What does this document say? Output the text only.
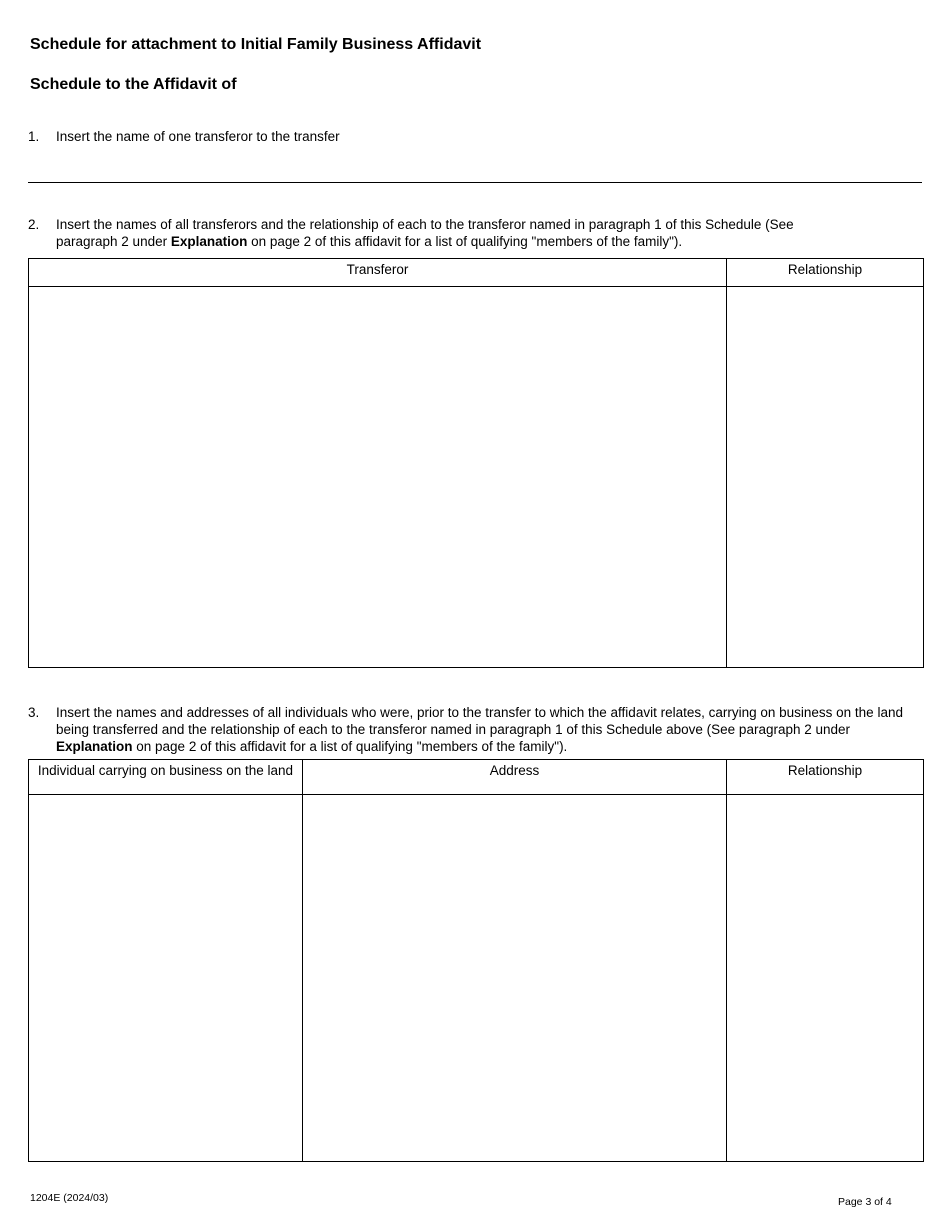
Schedule for attachment to Initial Family Business Affidavit
Schedule to the Affidavit of
1. Insert the name of one transferor to the transfer
2. Insert the names of all transferors and the relationship of each to the transferor named in paragraph 1 of this Schedule (See paragraph 2 under Explanation on page 2 of this affidavit for a list of qualifying "members of the family").
Transferor	Relationship

3. Insert the names and addresses of all individuals who were, prior to the transfer to which the affidavit relates, carrying on business on the land being transferred and the relationship of each to the transferor named in paragraph 1 of this Schedule above (See paragraph 2 under Explanation on page 2 of this affidavit for a list of qualifying "members of the family").
Individual carrying on business on the land	Address	Relationship

1204E (2024/03)	Page 3 of 4
